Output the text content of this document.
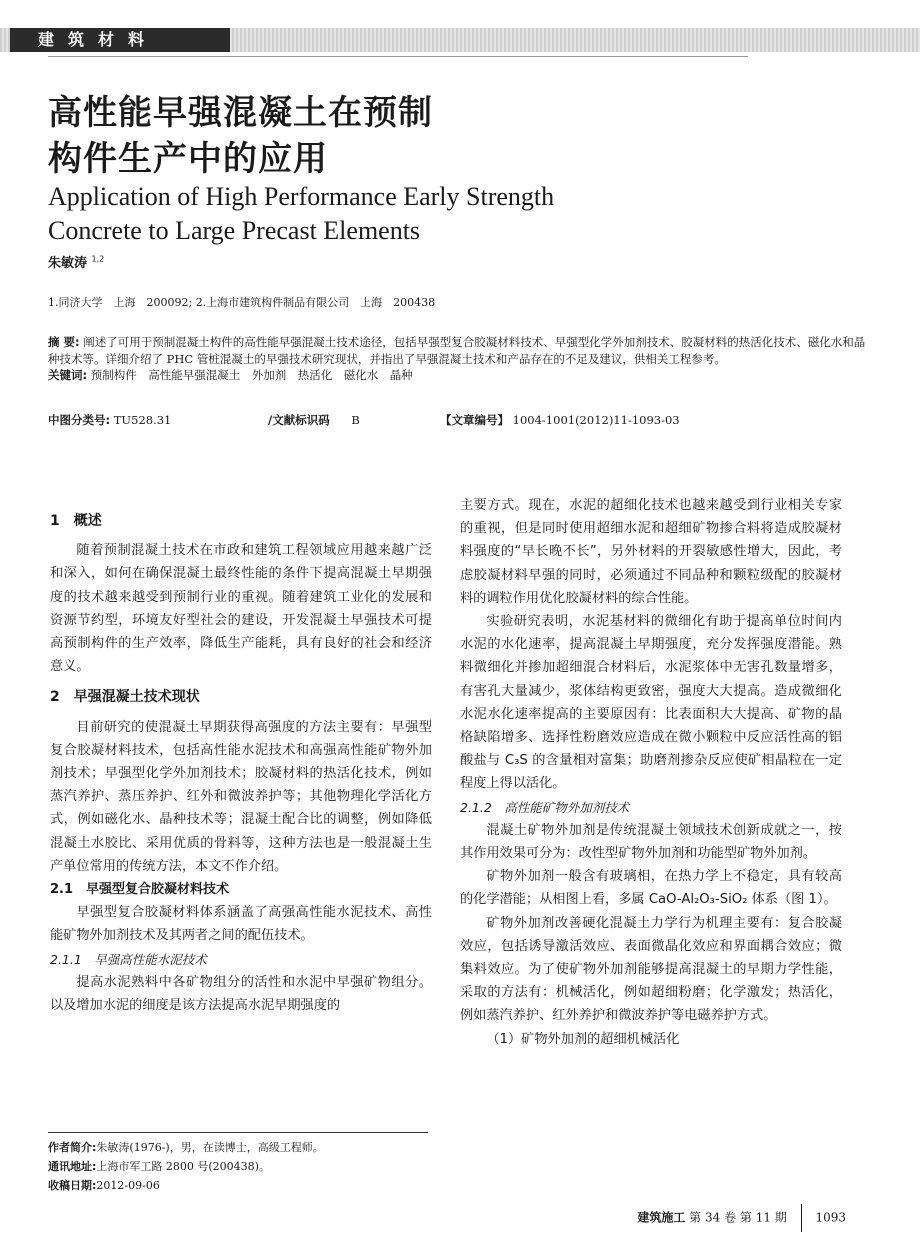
建筑材料
高性能早强混凝土在预制
构件生产中的应用
Application of High Performance Early Strength
Concrete to Large Precast Elements
朱敏涛 $^{1,2}$
1.同济大学　上海　200092; 2.上海市建筑构件制品有限公司　上海　200438
摘 要: 阐述了可用于预制混凝土构件的高性能早强混凝土技术途径，包括早强型复合胶凝材料技术、早强型化学外加剂技术、胶凝材料的热活化技术、磁化水和晶种技术等。详细介绍了 PHC 管桩混凝土的早强技术研究现状，并指出了早强混凝土技术和产品存在的不足及建议，供相关工程参考。
关键词: 预制构件　高性能早强混凝土　外加剂　热活化　磁化水　晶种
中图分类号: TU528.31	/文献标识码 B	【文章编号】 1004-1001(2012)11-1093-03

1　概述

随着预制混凝土技术在市政和建筑工程领域应用越来越广泛和深入，如何在确保混凝土最终性能的条件下提高混凝土早期强度的技术越来越受到预制行业的重视。随着建筑工业化的发展和资源节约型，环境友好型社会的建设，开发混凝土早强技术可提高预制构件的生产效率，降低生产能耗，具有良好的社会和经济意义。

2　早强混凝土技术现状

目前研究的使混凝土早期获得高强度的方法主要有：早强型复合胶凝材料技术，包括高性能水泥技术和高强高性能矿物外加剂技术；早强型化学外加剂技术；胶凝材料的热活化技术，例如蒸汽养护、蒸压养护、红外和微波养护等；其他物理化学活化方式，例如磁化水、晶种技术等；混凝土配合比的调整，例如降低混凝土水胶比、采用优质的骨料等，这种方法也是一般混凝土生产单位常用的传统方法，本文不作介绍。

2.1　早强型复合胶凝材料技术

早强型复合胶凝材料体系涵盖了高强高性能水泥技术、高性能矿物外加剂技术及其两者之间的配伍技术。

2.1.1　早强高性能水泥技术

提高水泥熟料中各矿物组分的活性和水泥中早强矿物组分。以及增加水泥的细度是该方法提高水泥早期强度的

主要方式。现在，水泥的超细化技术也越来越受到行业相关专家的重视，但是同时使用超细水泥和超细矿物掺合料将造成胶凝材料强度的“早长晚不长”，另外材料的开裂敏感性增大，因此，考虑胶凝材料早强的同时，必须通过不同品种和颗粒级配的胶凝材料的调粒作用优化胶凝材料的综合性能。

实验研究表明，水泥基材料的微细化有助于提高单位时间内水泥的水化速率，提高混凝土早期强度，充分发挥强度潜能。熟料微细化并掺加超细混合材料后，水泥浆体中无害孔数量增多，有害孔大量减少，浆体结构更致密，强度大大提高。造成微细化水泥水化速率提高的主要原因有：比表面积大大提高、矿物的晶格缺陷增多、选择性粉磨效应造成在微小颗粒中反应活性高的铝酸盐与 C₃S 的含量相对富集；助磨剂掺杂反应使矿相晶粒在一定程度上得以活化。

2.1.2　高性能矿物外加剂技术

混凝土矿物外加剂是传统混凝土领域技术创新成就之一，按其作用效果可分为：改性型矿物外加剂和功能型矿物外加剂。

矿物外加剂一般含有玻璃相，在热力学上不稳定，具有较高的化学潜能；从相图上看，多属 CaO-Al₂O₃-SiO₂ 体系（图 1）。

矿物外加剂改善硬化混凝土力学行为机理主要有：复合胶凝效应，包括诱导激活效应、表面微晶化效应和界面耦合效应；微集料效应。为了使矿物外加剂能够提高混凝土的早期力学性能，采取的方法有：机械活化，例如超细粉磨；化学激发；热活化，例如蒸汽养护、红外养护和微波养护等电磁养护方式。

（1）矿物外加剂的超细机械活化

作者简介:朱敏涛(1976-)，男，在读博士，高级工程师。
通讯地址:上海市军工路 2800 号(200438)。
收稿日期:2012-09-06
建筑施工 第 34 卷 第 11 期 1093
